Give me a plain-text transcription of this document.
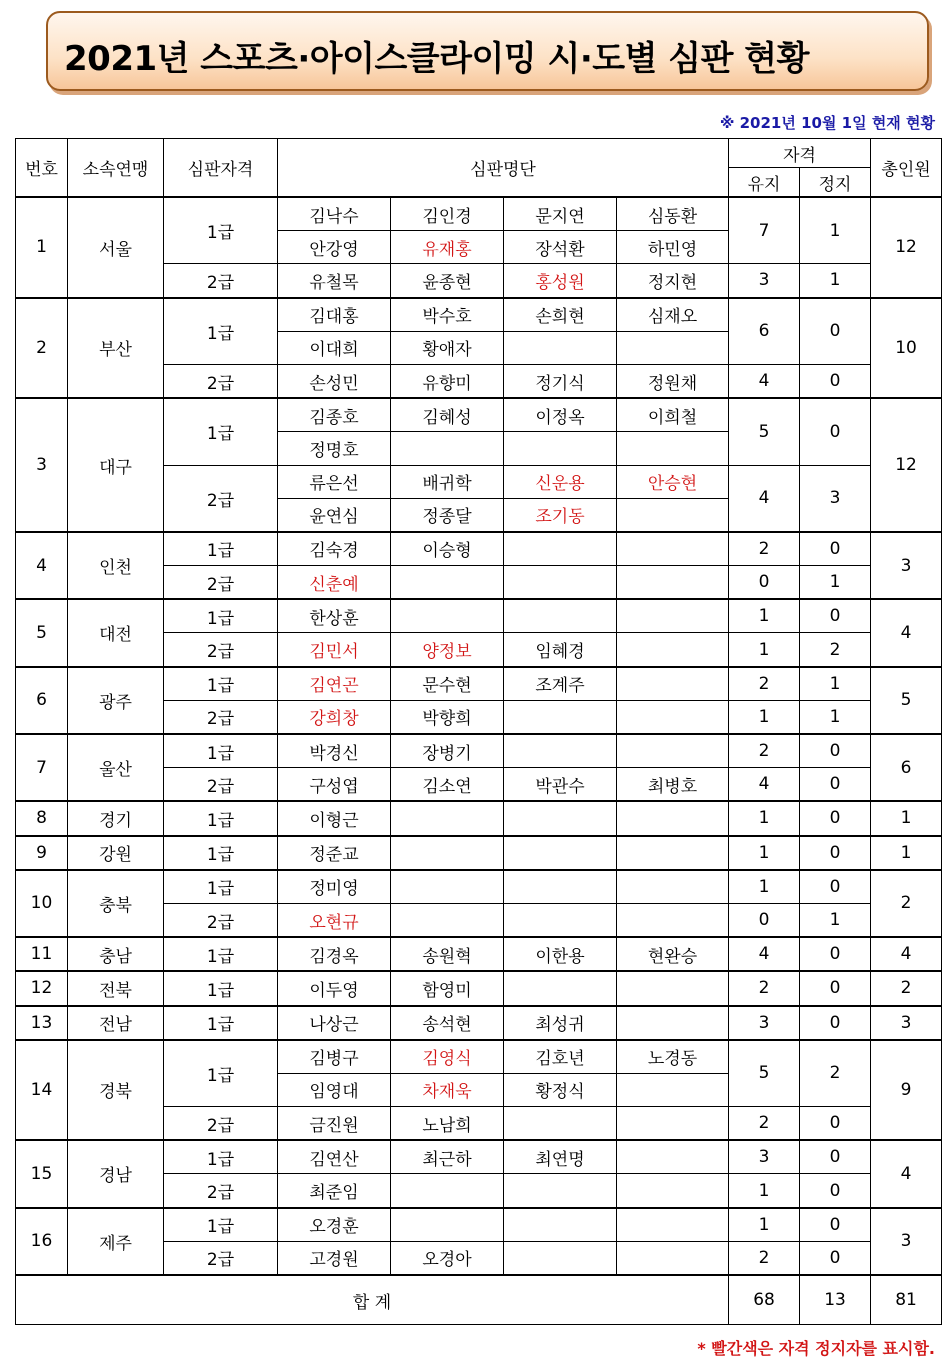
2021년 스포츠·아이스클라이밍 시·도별 심판 현황
※ 2021년 10월 1일 현재 현황
번호	소속연맹	심판자격	심판명단				자격		총인원
							유지	정지	
1	서울	1급	김낙수	김인경	문지연	심동환	7	1	12
			안강영	유재홍	장석환	하민영			
		2급	유철목	윤종현	홍성원	정지현	3	1	
2	부산	1급	김대홍	박수호	손희현	심재오	6	0	10
			이대희	황애자					
		2급	손성민	유향미	정기식	정원채	4	0	
3	대구	1급	김종호	김혜성	이정옥	이희철	5	0	12
			정명호						
		2급	류은선	배귀학	신운용	안승현	4	3	
			윤연심	정종달	조기동				
4	인천	1급	김숙경	이승형			2	0	3
		2급	신춘예				0	1	
5	대전	1급	한상훈				1	0	4
		2급	김민서	양정보	임혜경		1	2	
6	광주	1급	김연곤	문수현	조계주		2	1	5
		2급	강희창	박향희			1	1	
7	울산	1급	박경신	장병기			2	0	6
		2급	구성엽	김소연	박관수	최병호	4	0	
8	경기	1급	이형근				1	0	1
9	강원	1급	정준교				1	0	1
10	충북	1급	정미영				1	0	2
		2급	오현규				0	1	
11	충남	1급	김경옥	송원혁	이한용	현완승	4	0	4
12	전북	1급	이두영	함영미			2	0	2
13	전남	1급	나상근	송석현	최성귀		3	0	3
14	경북	1급	김병구	김영식	김호년	노경동	5	2	9
			임영대	차재욱	황정식				
		2급	금진원	노남희			2	0	
15	경남	1급	김연산	최근하	최연명		3	0	4
		2급	최준임				1	0	
16	제주	1급	오경훈				1	0	3
		2급	고경원	오경아			2	0	
합 계							68	13	81
* 빨간색은 자격 정지자를 표시함.
